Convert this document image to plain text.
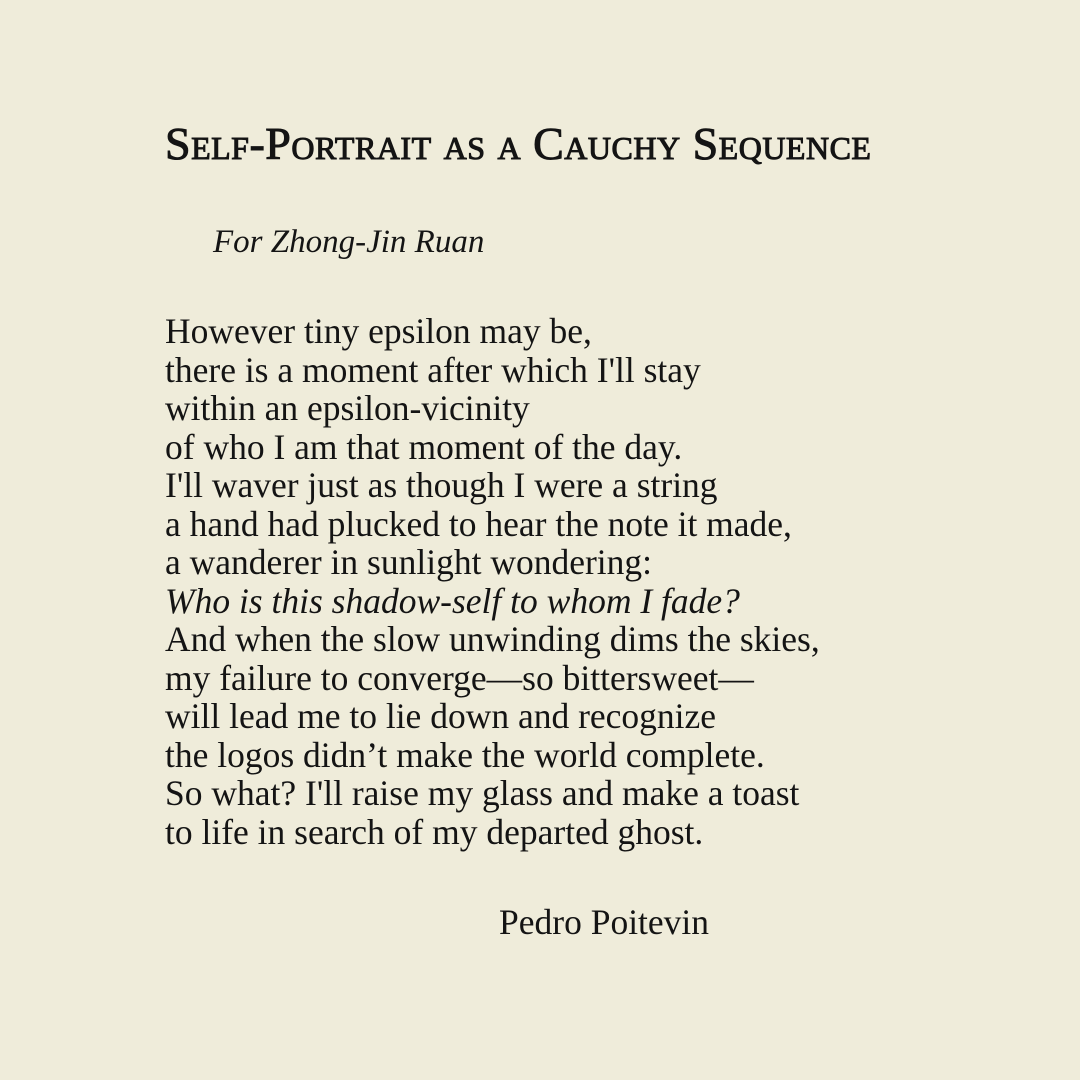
Self-Portrait as a Cauchy Sequence
For Zhong-Jin Ruan
However tiny epsilon may be,
there is a moment after which I'll stay
within an epsilon-vicinity
of who I am that moment of the day.
I'll waver just as though I were a string
a hand had plucked to hear the note it made,
a wanderer in sunlight wondering:
Who is this shadow-self to whom I fade?
And when the slow unwinding dims the skies,
my failure to converge—so bittersweet—
will lead me to lie down and recognize
the logos didn’t make the world complete.
So what? I'll raise my glass and make a toast
to life in search of my departed ghost.
Pedro Poitevin
